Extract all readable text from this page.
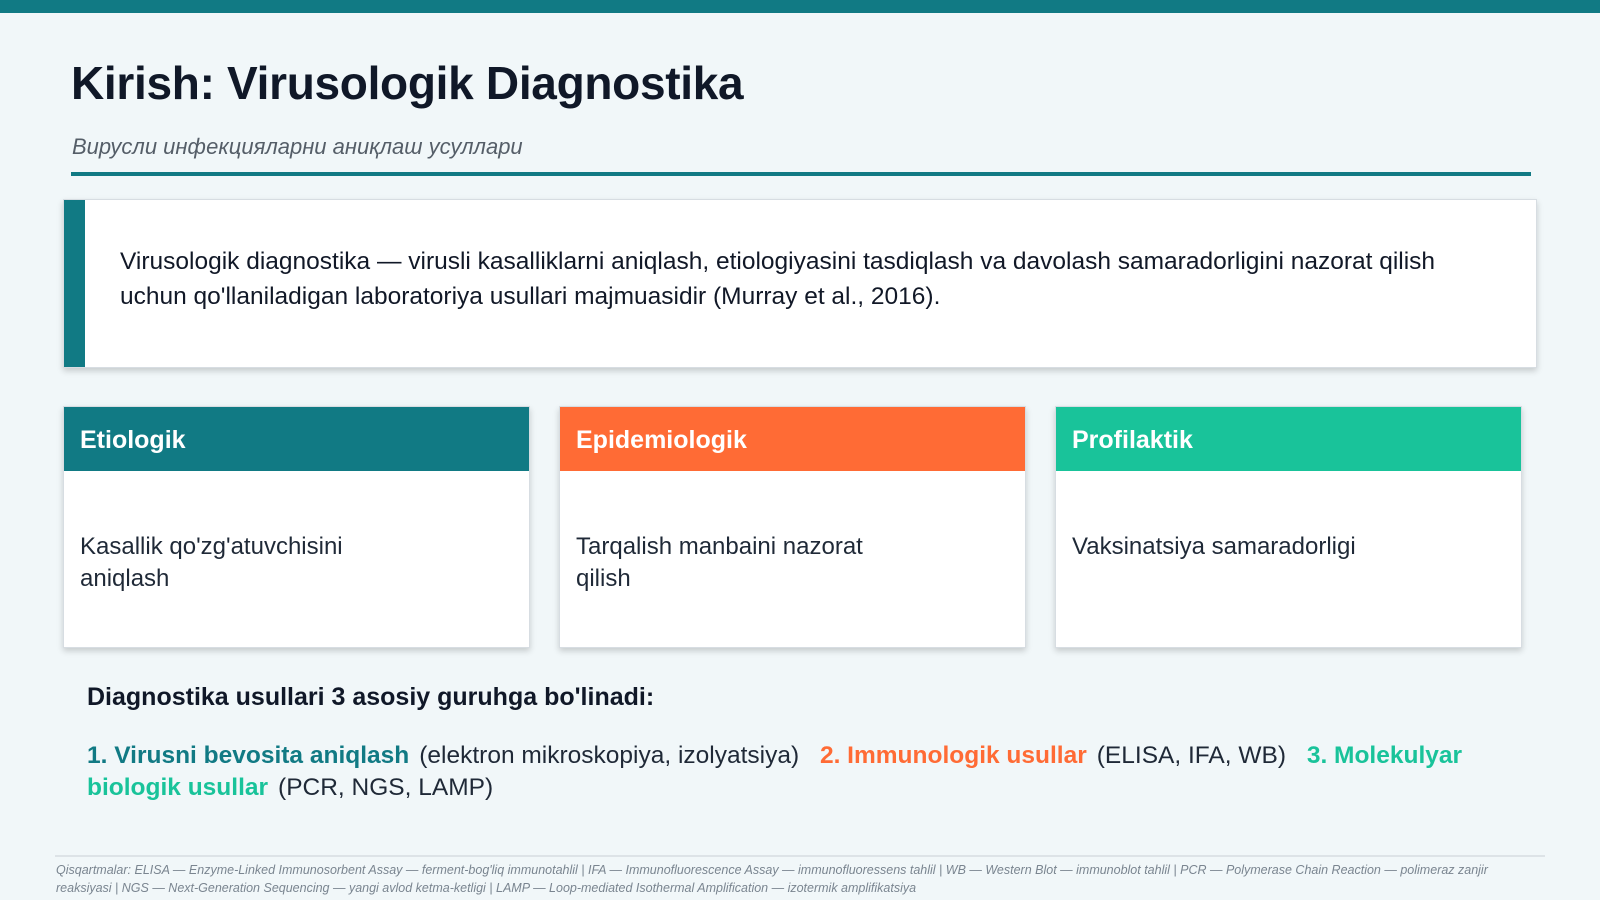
Kirish: Virusologik Diagnostika
Вирусли инфекцияларни аниқлаш усуллари

Virusologik diagnostika — virusli kasalliklarni aniqlash, etiologiyasini tasdiqlash va davolash samaradorligini nazorat qilish uchun qo'llaniladigan laboratoriya usullari majmuasidir (Murray et al., 2016).

Etiologik
Kasallik qo'zg'atuvchisini aniqlash
Epidemiologik
Tarqalish manbaini nazorat qilish
Profilaktik
Vaksinatsiya samaradorligi
Diagnostika usullari 3 asosiy guruhga bo'linadi:
1. Virusni bevosita aniqlash (elektron mikroskopiya, izolyatsiya) 2. Immunologik usullar (ELISA, IFA, WB) 3. Molekulyar biologik usullar (PCR, NGS, LAMP)
Qisqartmalar: ELISA — Enzyme-Linked Immunosorbent Assay — ferment-bog'liq immunotahlil | IFA — Immunofluorescence Assay — immunofluoressens tahlil | WB — Western Blot — immunoblot tahlil | PCR — Polymerase Chain Reaction — polimeraz zanjir reaksiyasi | NGS — Next-Generation Sequencing — yangi avlod ketma-ketligi | LAMP — Loop-mediated Isothermal Amplification — izotermik amplifikatsiya
